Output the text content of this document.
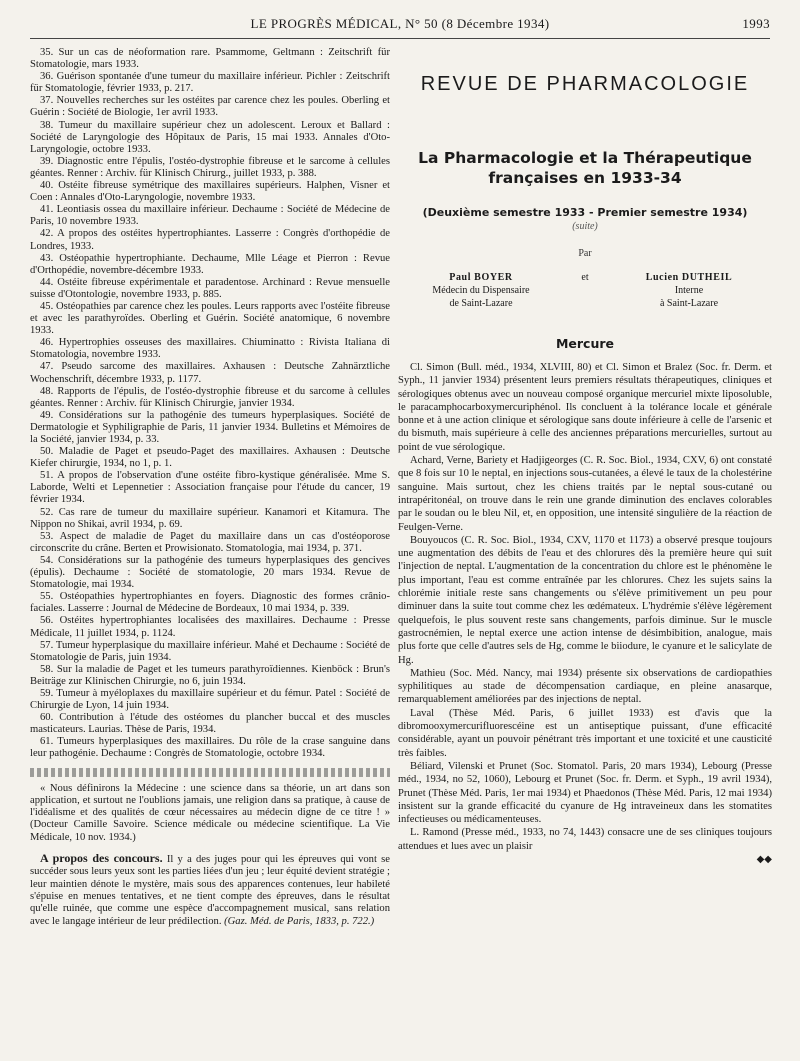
LE PROGRÈS MÉDICAL, N° 50 (8 Décembre 1934)	1993

35. Sur un cas de néoformation rare. Psammome, Geltmann : Zeitschrift für Stomatologie, mars 1933.

36. Guérison spontanée d'une tumeur du maxillaire inférieur. Pichler : Zeitschrift für Stomatologie, février 1933, p. 217.

37. Nouvelles recherches sur les ostéites par carence chez les poules. Oberling et Guérin : Société de Biologie, 1er avril 1933.

38. Tumeur du maxillaire supérieur chez un adolescent. Leroux et Ballard : Société de Laryngologie des Hôpitaux de Paris, 15 mai 1933. Annales d'Oto-Laryngologie, octobre 1933.

39. Diagnostic entre l'épulis, l'ostéo-dystrophie fibreuse et le sarcome à cellules géantes. Renner : Archiv. für Klinisch Chirurg., juillet 1933, p. 388.

40. Ostéite fibreuse symétrique des maxillaires supérieurs. Halphen, Visner et Coen : Annales d'Oto-Laryngologie, novembre 1933.

41. Leontiasis ossea du maxillaire inférieur. Dechaume : Société de Médecine de Paris, 10 novembre 1933.

42. A propos des ostéites hypertrophiantes. Lasserre : Congrès d'orthopédie de Londres, 1933.

43. Ostéopathie hypertrophiante. Dechaume, Mlle Léage et Pierron : Revue d'Orthopédie, novembre-décembre 1933.

44. Ostéite fibreuse expérimentale et paradentose. Archinard : Revue mensuelle suisse d'Otontologie, novembre 1933, p. 885.

45. Ostéopathies par carence chez les poules. Leurs rapports avec l'ostéite fibreuse et avec les parathyroïdes. Oberling et Guérin. Société anatomique, 6 novembre 1933.

46. Hypertrophies osseuses des maxillaires. Chiuminatto : Rivista Italiana di Stomatologia, novembre 1933.

47. Pseudo sarcome des maxillaires. Axhausen : Deutsche Zahnärztliche Wochenschrift, décembre 1933, p. 1177.

48. Rapports de l'épulis, de l'ostéo-dystrophie fibreuse et du sarcome à cellules géantes. Renner : Archiv. für Klinisch Chirurgie, janvier 1934.

49. Considérations sur la pathogénie des tumeurs hyperplasiques. Société de Dermatologie et Syphiligraphie de Paris, 11 janvier 1934. Bulletins et Mémoires de la Société, janvier 1934, p. 33.

50. Maladie de Paget et pseudo-Paget des maxillaires. Axhausen : Deutsche Kiefer chirurgie, 1934, no 1, p. 1.

51. A propos de l'observation d'une ostéite fibro-kystique généralisée. Mme S. Laborde, Welti et Lepennetier : Association française pour l'étude du cancer, 19 février 1934.

52. Cas rare de tumeur du maxillaire supérieur. Kanamori et Kitamura. The Nippon no Shikai, avril 1934, p. 69.

53. Aspect de maladie de Paget du maxillaire dans un cas d'ostéoporose circonscrite du crâne. Berten et Prowisionato. Stomatologia, mai 1934, p. 371.

54. Considérations sur la pathogénie des tumeurs hyperplasiques des gencives (épulis). Dechaume : Société de stomatologie, 20 mars 1934. Revue de Stomatologie, mai 1934.

55. Ostéopathies hypertrophiantes en foyers. Diagnostic des formes crânio-faciales. Lasserre : Journal de Médecine de Bordeaux, 10 mai 1934, p. 339.

56. Ostéites hypertrophiantes localisées des maxillaires. Dechaume : Presse Médicale, 11 juillet 1934, p. 1124.

57. Tumeur hyperplasique du maxillaire inférieur. Mahé et Dechaume : Société de Stomatologie de Paris, juin 1934.

58. Sur la maladie de Paget et les tumeurs parathyroïdiennes. Kienböck : Brun's Beiträge zur Klinischen Chirurgie, no 6, juin 1934.

59. Tumeur à myéloplaxes du maxillaire supérieur et du fémur. Patel : Société de Chirurgie de Lyon, 14 juin 1934.

60. Contribution à l'étude des ostéomes du plancher buccal et des muscles masticateurs. Laurias. Thèse de Paris, 1934.

61. Tumeurs hyperplasiques des maxillaires. Du rôle de la crase sanguine dans leur pathogénie. Dechaume : Congrès de Stomatologie, octobre 1934.

« Nous définirons la Médecine : une science dans sa théorie, un art dans son application, et surtout ne l'oublions jamais, une religion dans sa pratique, à cause de l'idéalisme et des qualités de cœur nécessaires au médecin digne de ce titre ! » (Docteur Camille Savoire. Science médicale ou médecine scientifique. La Vie Médicale, 10 nov. 1934.)

A propos des concours. Il y a des juges pour qui les épreuves qui vont se succéder sous leurs yeux sont les parties liées d'un jeu ; leur équité devient stratégie ; leur maintien dénote le mystère, mais sous des apparences contenues, leur habileté s'épuise en menues tentatives, et ne tient compte des épreuves, dans le résultat qu'elle ruinée, que comme une espèce d'accompagnement musical, sans relation avec le langage intérieur de leur prédilection. (Gaz. Méd. de Paris, 1833, p. 722.)

REVUE DE PHARMACOLOGIE
La Pharmacologie et la Thérapeutique
françaises en 1933-34
(Deuxième semestre 1933 - Premier semestre 1934)
(suite)
Par
Paul BOYER
Médecin du Dispensaire
de Saint-Lazare
et	Lucien DUTHEIL
Interne
à Saint-Lazare
Mercure

Cl. Simon (Bull. méd., 1934, XLVIII, 80) et Cl. Simon et Bralez (Soc. fr. Derm. et Syph., 11 janvier 1934) présentent leurs premiers résultats thérapeutiques, cliniques et sérologiques obtenus avec un nouveau composé organique mercuriel mixte liposoluble, le paracamphocarboxymercuriphénol. Ils concluent à la tolérance locale et générale bonne et à une action clinique et sérologique sans doute inférieure à celle de l'arsenic et du bismuth, mais supérieure à celle des anciennes préparations mercurielles, surtout au point de vue sérologique.

Achard, Verne, Bariety et Hadjigeorges (C. R. Soc. Biol., 1934, CXV, 6) ont constaté que 8 fois sur 10 le neptal, en injections sous-cutanées, a élevé le taux de la cholestérine sanguine. Mais surtout, chez les chiens traités par le neptal sous-cutané ou intrapéritonéal, on trouve dans le rein une grande diminution des enclaves colorables par le soudan ou le bleu Nil, et, en opposition, une intensité singulière de la réaction de Feulgen-Verne.

Bouyoucos (C. R. Soc. Biol., 1934, CXV, 1170 et 1173) a observé presque toujours une augmentation des débits de l'eau et des chlorures dès la première heure qui suit l'injection de neptal. L'augmentation de la concentration du chlore est le phénomène le plus important, l'eau est comme entraînée par les chlorures. Chez les sujets sains la chlorémie initiale reste sans changements ou s'élève primitivement un peu pour diminuer dans la suite tout comme chez les œdémateux. L'hydrémie s'élève légèrement quelquefois, le plus souvent reste sans changements, parfois diminue. Sur le muscle gastrocnémien, le neptal exerce une action intense de désimbibition, analogue, mais plus forte que celle d'autres sels de Hg, comme le biiodure, le cyanure et le salicylate de Hg.

Mathieu (Soc. Méd. Nancy, mai 1934) présente six observations de cardiopathies syphilitiques au stade de décompensation cardiaque, en pleine anasarque, remarquablement améliorées par des injections de neptal.

Laval (Thèse Méd. Paris, 6 juillet 1933) est d'avis que la dibromooxymercurifluorescéine est un antiseptique puissant, d'une efficacité considérable, ayant un pouvoir pénétrant très important et une toxicité et une causticité très faibles.

Béliard, Vilenski et Prunet (Soc. Stomatol. Paris, 20 mars 1934), Lebourg (Presse méd., 1934, no 52, 1060), Lebourg et Prunet (Soc. fr. Derm. et Syph., 19 avril 1934), Prunet (Thèse Méd. Paris, 1er mai 1934) et Phaedonos (Thèse Méd. Paris, 12 mai 1934) insistent sur la grande efficacité du cyanure de Hg intraveineux dans les stomatites infectieuses ou médicamenteuses.

L. Ramond (Presse méd., 1933, no 74, 1443) consacre une de ses cliniques toujours attendues et lues avec un plaisir

◆◆
